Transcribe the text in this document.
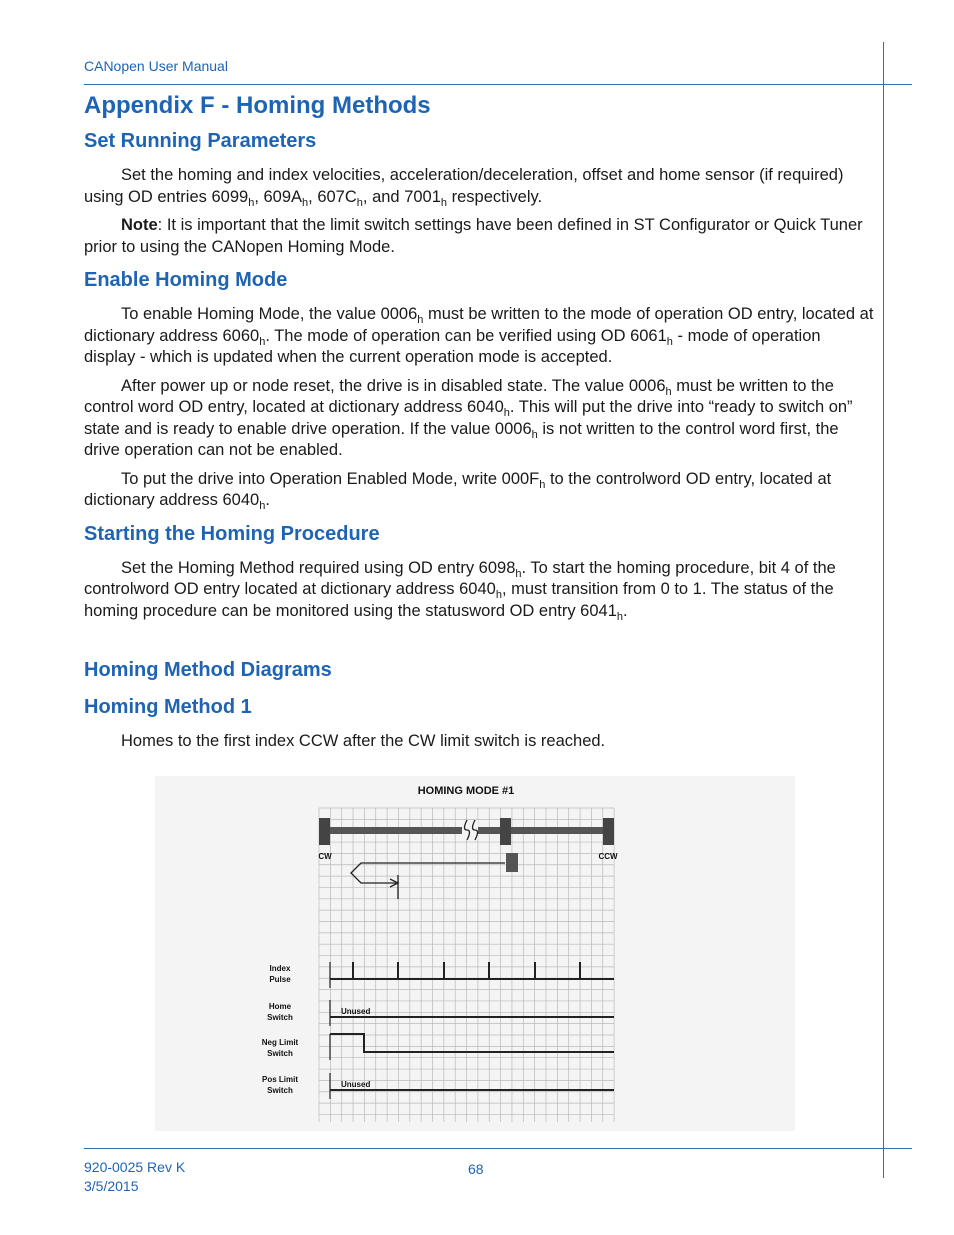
CANopen User Manual
Appendix F - Homing Methods
Set Running Parameters

Set the homing and index velocities, acceleration/deceleration, offset and home sensor (if required) using OD entries $6099_h$, $609A_h$, $607C_h$, and $7001_h$ respectively.

Note: It is important that the limit switch settings have been defined in ST Configurator or Quick Tuner prior to using the CANopen Homing Mode.

Enable Homing Mode

To enable Homing Mode, the value $0006_h$ must be written to the mode of operation OD entry, located at dictionary address $6060_h$. The mode of operation can be verified using OD $6061_h$ - mode of operation display - which is updated when the current operation mode is accepted.

After power up or node reset, the drive is in disabled state. The value $0006_h$ must be written to the control word OD entry, located at dictionary address $6040_h$. This will put the drive into “ready to switch on” state and is ready to enable drive operation. If the value $0006_h$ is not written to the control word first, the drive operation can not be enabled.

To put the drive into Operation Enabled Mode, write $000F_h$ to the controlword OD entry, located at dictionary address $6040_h$.

Starting the Homing Procedure

Set the Homing Method required using OD entry $6098_h$. To start the homing procedure, bit 4 of the controlword OD entry located at dictionary address $6040_h$, must transition from 0 to 1. The status of the homing procedure can be monitored using the statusword OD entry $6041_h$.

Homing Method Diagrams
Homing Method 1

Homes to the first index CCW after the CW limit switch is reached.

HOMING MODE #1
CW	CCW
Index
Pulse
Home
Switch
Neg Limit
Switch
Pos Limit
Switch
Unused
Unused
920-0025 Rev K
3/5/2015
68
